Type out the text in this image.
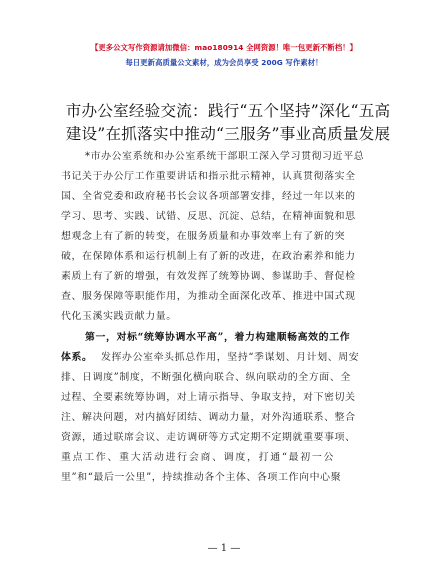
【更多公文写作资源请加微信：mao180914 全网资源！唯一包更新不断档！】
每日更新高质量公文素材，成为会员享受 200G 写作素材！
市办公室经验交流：践行“五个坚持”深化“五高
建设”在抓落实中推动“三服务”事业高质量发展
*市办公室系统和办公室系统干部职工深入学习贯彻习近平总
书记关于办公厅工作重要讲话和指示批示精神，认真贯彻落实全
国、全省党委和政府秘书长会议各项部署安排，经过一年以来的
学习、思考、实践、试错、反思、沉淀、总结，在精神面貌和思
想观念上有了新的转变，在服务质量和办事效率上有了新的突
破，在保障体系和运行机制上有了新的改进，在政治素养和能力
素质上有了新的增强，有效发挥了统筹协调、参谋助手、督促检
查、服务保障等职能作用，为推动全面深化改革、推进中国式现
代化玉溪实践贡献力量。
第一，对标“统筹协调水平高”，着力构建顺畅高效的工作
体系。 发挥办公室牵头抓总作用，坚持“季谋划、月计划、周安
排、日调度”制度，不断强化横向联合、纵向联动的全方面、全
过程、全要素统筹协调，对上请示指导、争取支持，对下密切关
注、解决问题，对内搞好团结、调动力量，对外沟通联系、整合
资源，通过联席会议、走访调研等方式定期不定期就重要事项、
重点工作、重大活动进行会商、调度，打通“最初一公
里”和“最后一公里”，持续推动各个主体、各项工作向中心聚
— 1 —
